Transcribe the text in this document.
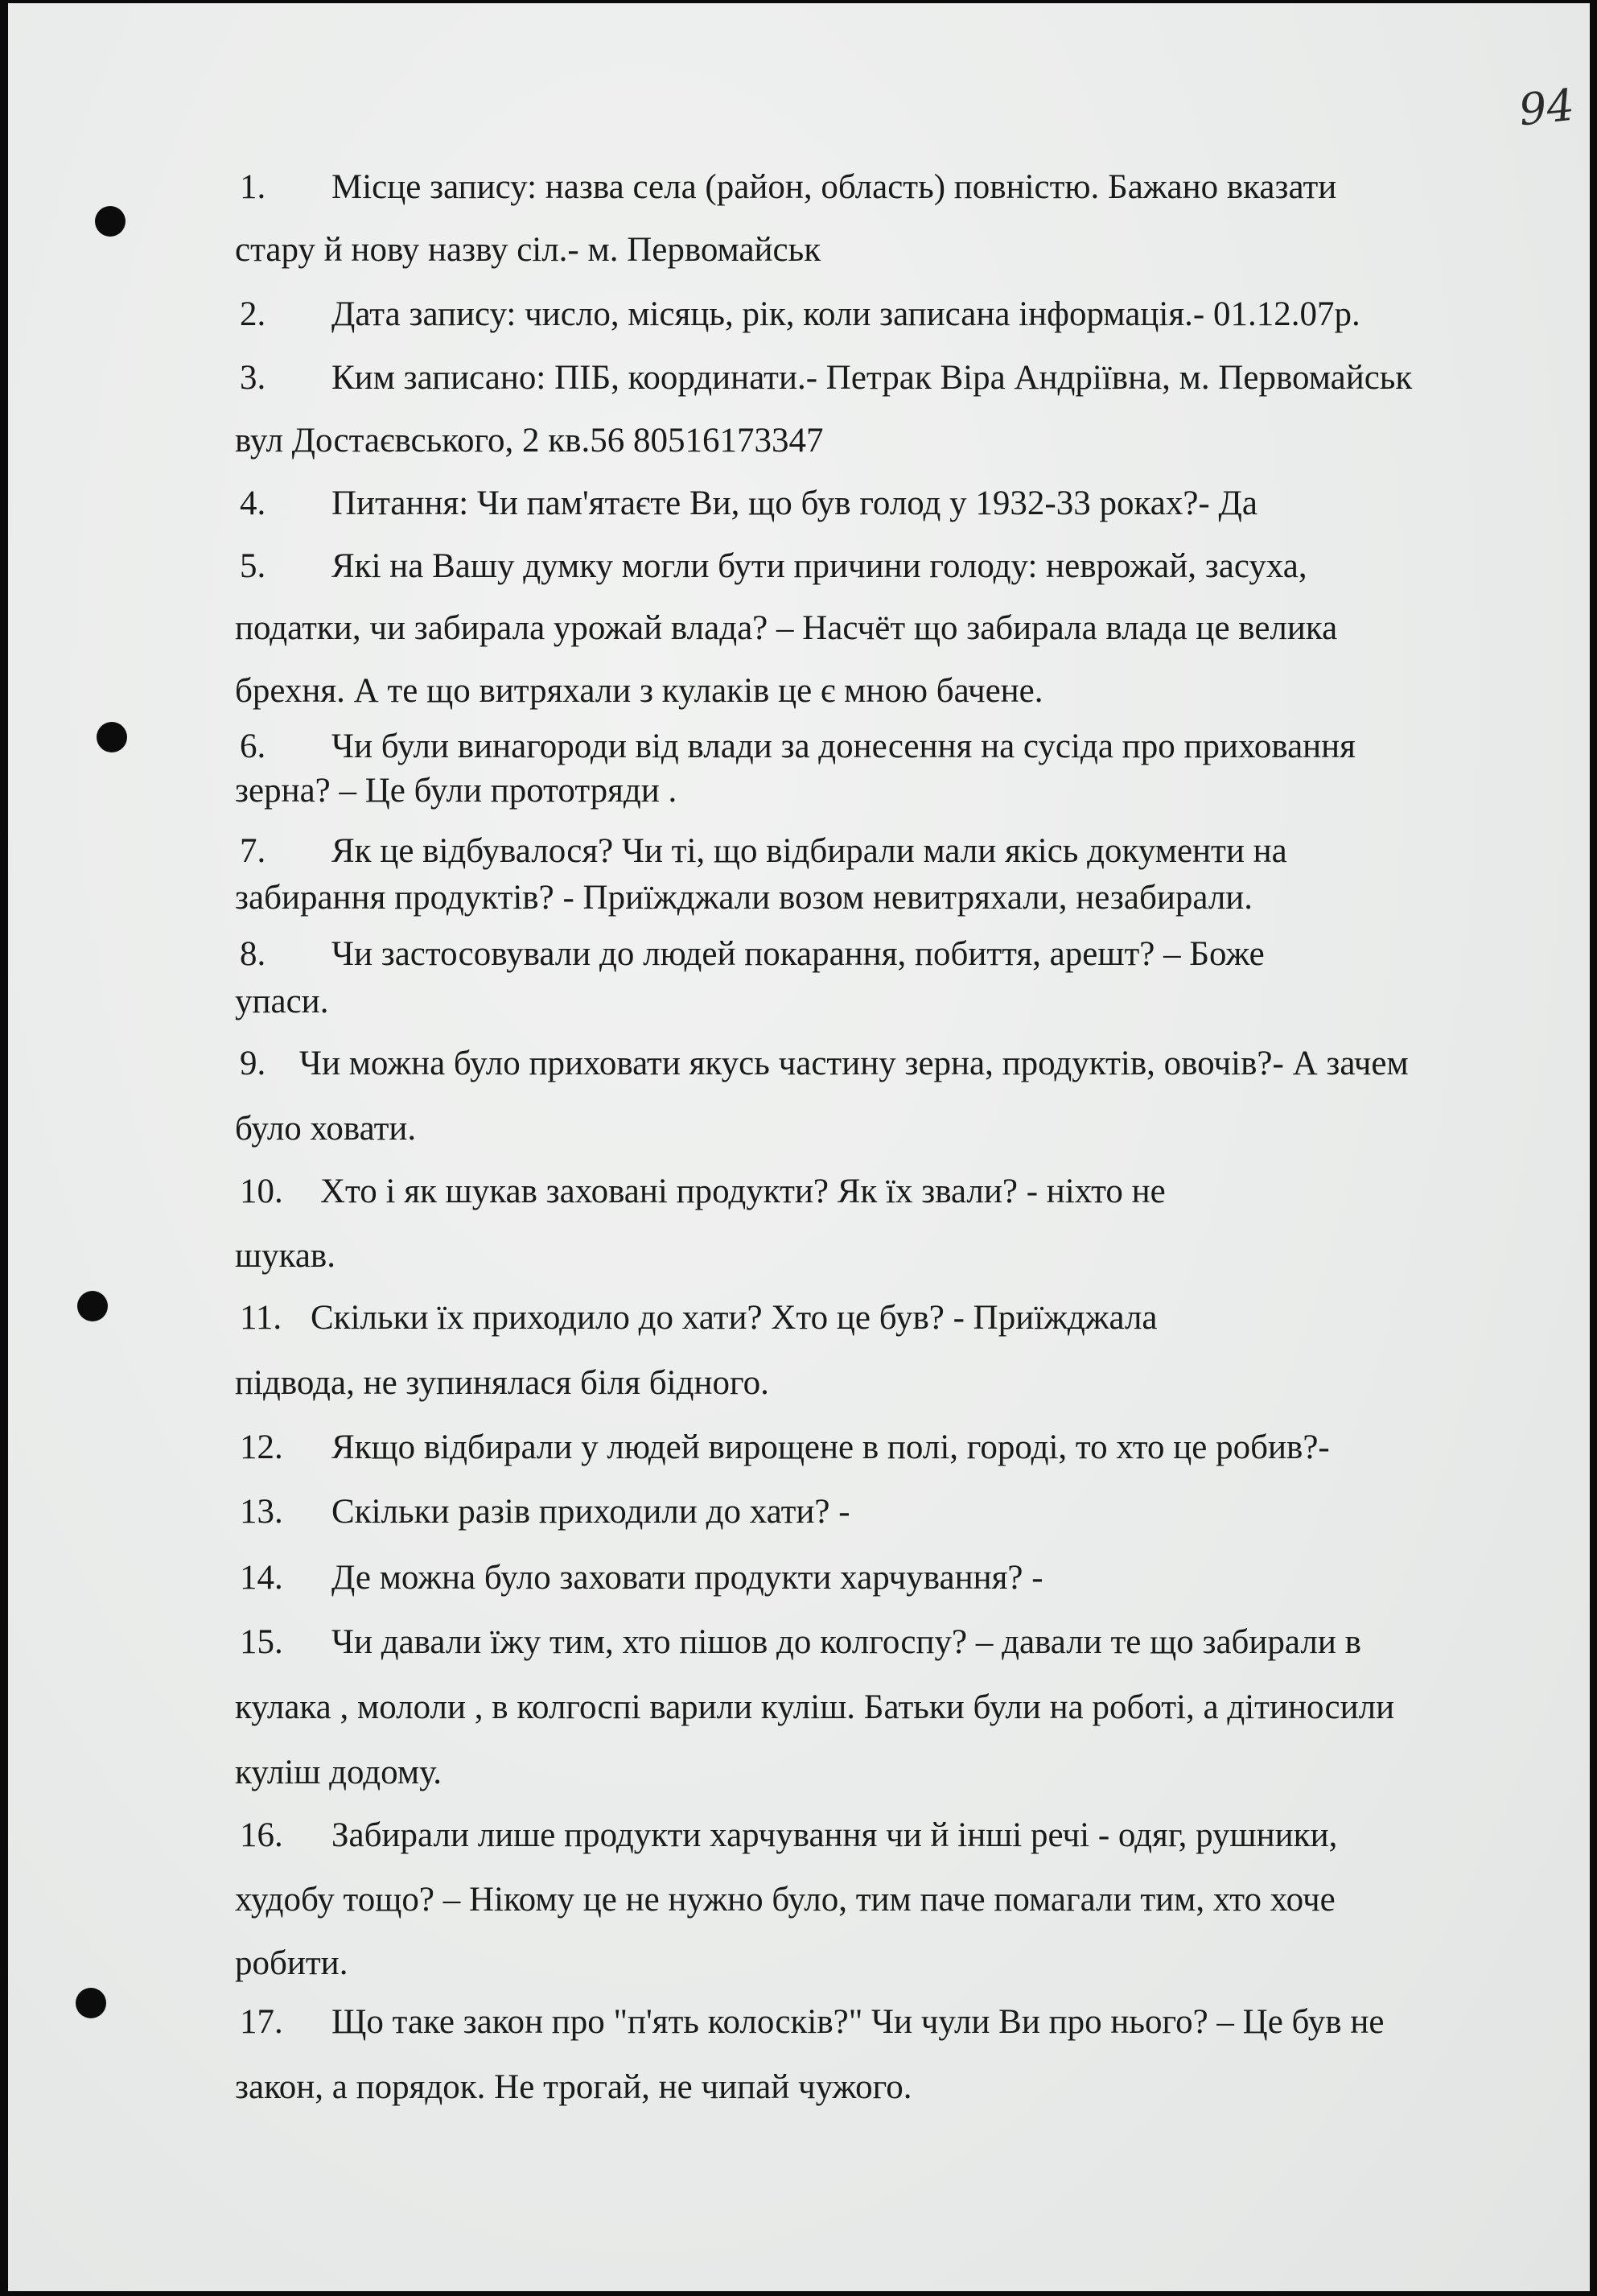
94
1. Місце запису: назва села (район, область) повністю. Бажано вказати
стару й нову назву сіл.- м. Первомайськ
2. Дата запису: число, місяць, рік, коли записана інформація.- 01.12.07р.
3. Ким записано: ПІБ, координати.- Петрак Віра Андріївна, м. Первомайськ
вул Достаєвського, 2 кв.56 80516173347
4. Питання: Чи пам'ятаєте Ви, що був голод у 1932-33 роках?- Да
5. Які на Вашу думку могли бути причини голоду: неврожай, засуха,
податки, чи забирала урожай влада? – Насчёт що забирала влада це велика
брехня. А те що витряхали з кулаків це є мною бачене.
6. Чи були винагороди від влади за донесення на сусіда про приховання
зерна? – Це були прототряди .
7. Як це відбувалося? Чи ті, що відбирали мали якісь документи на
забирання продуктів? - Приїжджали возом невитряхали, незабирали.
8. Чи застосовували до людей покарання, побиття, арешт? – Боже
упаси.
9. Чи можна було приховати якусь частину зерна, продуктів, овочів?- А зачем
було ховати.
10. Хто і як шукав заховані продукти? Як їх звали? - ніхто не
шукав.
11. Скільки їх приходило до хати? Хто це був? - Приїжджала
підвода, не зупинялася біля бідного.
12. Якщо відбирали у людей вирощене в полі, городі, то хто це робив?-
13. Скільки разів приходили до хати? -
14. Де можна було заховати продукти харчування? -
15. Чи давали їжу тим, хто пішов до колгоспу? – давали те що забирали в
кулака , мололи , в колгоспі варили куліш. Батьки були на роботі, а дітиносили
куліш додому.
16. Забирали лише продукти харчування чи й інші речі - одяг, рушники,
худобу тощо? – Нікому це не нужно було, тим паче помагали тим, хто хоче
робити.
17. Що таке закон про "п'ять колосків?" Чи чули Ви про нього? – Це був не
закон, а порядок. Не трогай, не чипай чужого.
